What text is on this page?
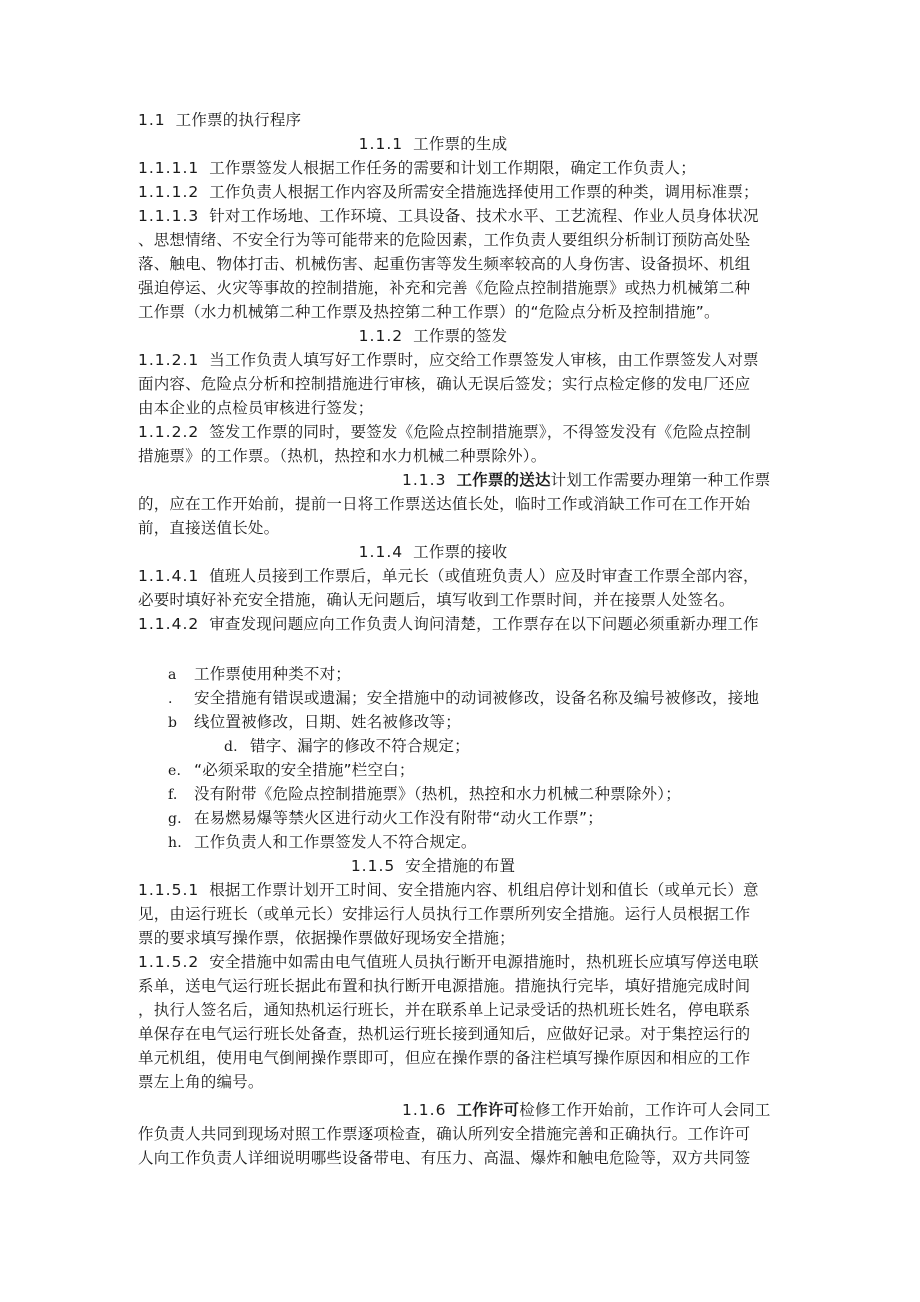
1.1 工作票的执行程序
1.1.1 工作票的生成
1.1.1.1 工作票签发人根据工作任务的需要和计划工作期限，确定工作负责人；
1.1.1.2 工作负责人根据工作内容及所需安全措施选择使用工作票的种类，调用标准票；
1.1.1.3 针对工作场地、工作环境、工具设备、技术水平、工艺流程、作业人员身体状况
、思想情绪、不安全行为等可能带来的危险因素，工作负责人要组织分析制订预防高处坠
落、触电、物体打击、机械伤害、起重伤害等发生频率较高的人身伤害、设备损坏、机组
强迫停运、火灾等事故的控制措施，补充和完善《危险点控制措施票》或热力机械第二种
工作票（水力机械第二种工作票及热控第二种工作票）的“危险点分析及控制措施”。
1.1.2 工作票的签发
1.1.2.1 当工作负责人填写好工作票时，应交给工作票签发人审核，由工作票签发人对票
面内容、危险点分析和控制措施进行审核，确认无误后签发；实行点检定修的发电厂还应
由本企业的点检员审核进行签发；
1.1.2.2 签发工作票的同时，要签发《危险点控制措施票》，不得签发没有《危险点控制
措施票》的工作票。（热机，热控和水力机械二种票除外）。
1.1.3 工作票的送达计划工作需要办理第一种工作票
的，应在工作开始前，提前一日将工作票送达值长处，临时工作或消缺工作可在工作开始
前，直接送值长处。
1.1.4 工作票的接收
1.1.4.1 值班人员接到工作票后，单元长（或值班负责人）应及时审查工作票全部内容，
必要时填好补充安全措施，确认无问题后，填写收到工作票时间，并在接票人处签名。
1.1.4.2 审查发现问题应向工作负责人询问清楚，工作票存在以下问题必须重新办理工作
a 工作票使用种类不对；
. 安全措施有错误或遗漏；安全措施中的动词被修改，设备名称及编号被修改，接地
b 线位置被修改，日期、姓名被修改等；
d. 错字、漏字的修改不符合规定；
e. “必须采取的安全措施”栏空白；
f. 没有附带《危险点控制措施票》（热机，热控和水力机械二种票除外）；
g. 在易燃易爆等禁火区进行动火工作没有附带“动火工作票”；
h. 工作负责人和工作票签发人不符合规定。
1.1.5 安全措施的布置
1.1.5.1 根据工作票计划开工时间、安全措施内容、机组启停计划和值长（或单元长）意
见，由运行班长（或单元长）安排运行人员执行工作票所列安全措施。运行人员根据工作
票的要求填写操作票，依据操作票做好现场安全措施；
1.1.5.2 安全措施中如需由电气值班人员执行断开电源措施时，热机班长应填写停送电联
系单，送电气运行班长据此布置和执行断开电源措施。措施执行完毕，填好措施完成时间
，执行人签名后，通知热机运行班长，并在联系单上记录受话的热机班长姓名，停电联系
单保存在电气运行班长处备查，热机运行班长接到通知后，应做好记录。对于集控运行的
单元机组，使用电气倒闸操作票即可，但应在操作票的备注栏填写操作原因和相应的工作
票左上角的编号。
1.1.6 工作许可检修工作开始前，工作许可人会同工
作负责人共同到现场对照工作票逐项检查，确认所列安全措施完善和正确执行。工作许可
人向工作负责人详细说明哪些设备带电、有压力、高温、爆炸和触电危险等，双方共同签
